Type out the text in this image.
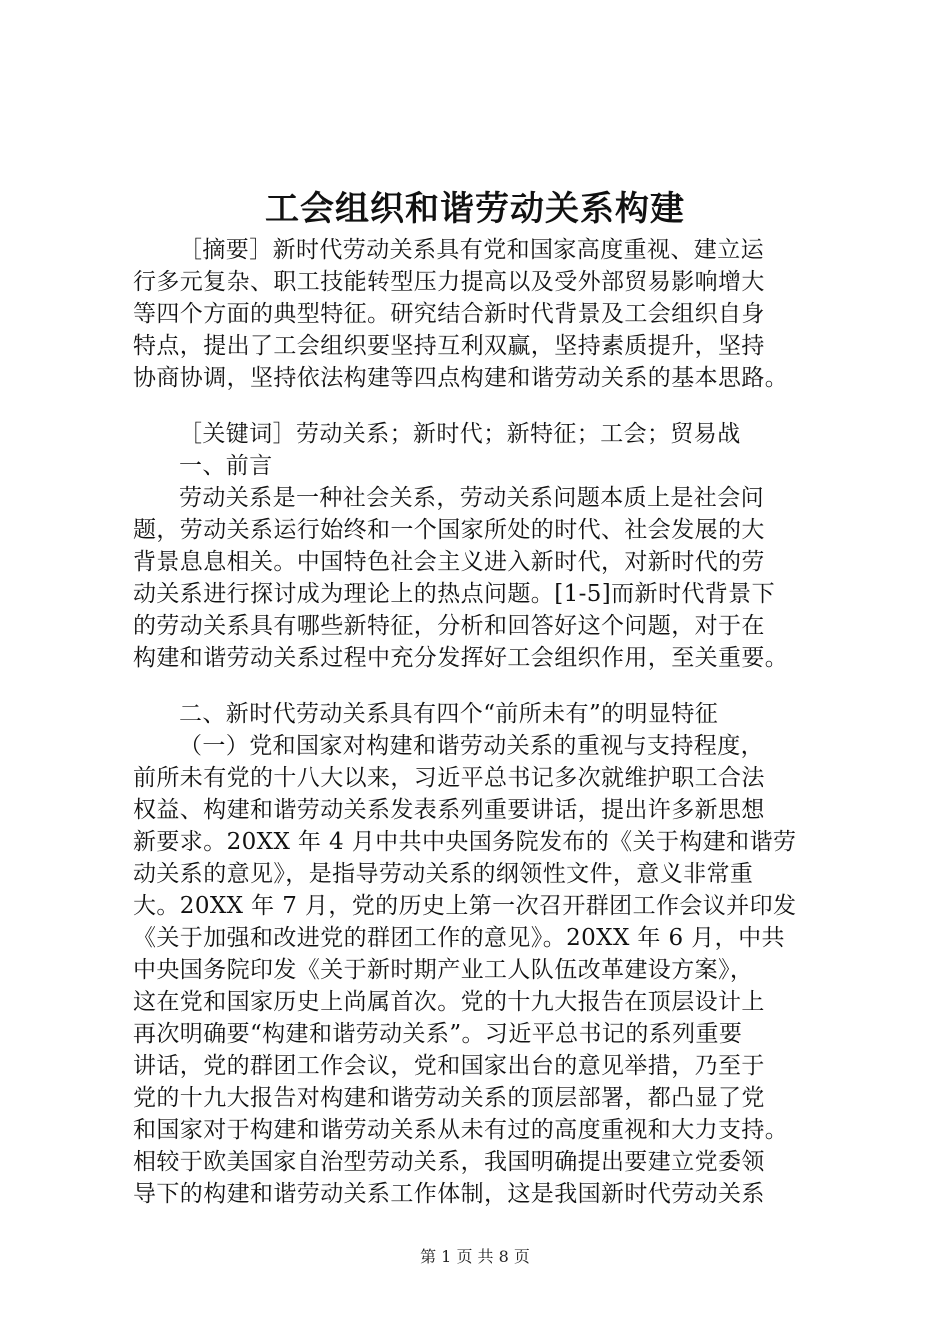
工会组织和谐劳动关系构建
［摘要］新时代劳动关系具有党和国家高度重视、建立运
行多元复杂、职工技能转型压力提高以及受外部贸易影响增大
等四个方面的典型特征。研究结合新时代背景及工会组织自身
特点，提出了工会组织要坚持互利双赢，坚持素质提升，坚持
协商协调，坚持依法构建等四点构建和谐劳动关系的基本思路。
［关键词］劳动关系；新时代；新特征；工会；贸易战
一、前言
劳动关系是一种社会关系，劳动关系问题本质上是社会问
题，劳动关系运行始终和一个国家所处的时代、社会发展的大
背景息息相关。中国特色社会主义进入新时代，对新时代的劳
动关系进行探讨成为理论上的热点问题。[1-5]而新时代背景下
的劳动关系具有哪些新特征，分析和回答好这个问题，对于在
构建和谐劳动关系过程中充分发挥好工会组织作用，至关重要。
二、新时代劳动关系具有四个“前所未有”的明显特征
（一）党和国家对构建和谐劳动关系的重视与支持程度，
前所未有党的十八大以来，习近平总书记多次就维护职工合法
权益、构建和谐劳动关系发表系列重要讲话，提出许多新思想
新要求。20XX 年 4 月中共中央国务院发布的《关于构建和谐劳
动关系的意见》，是指导劳动关系的纲领性文件，意义非常重
大。20XX 年 7 月，党的历史上第一次召开群团工作会议并印发
《关于加强和改进党的群团工作的意见》。20XX 年 6 月，中共
中央国务院印发《关于新时期产业工人队伍改革建设方案》，
这在党和国家历史上尚属首次。党的十九大报告在顶层设计上
再次明确要“构建和谐劳动关系”。习近平总书记的系列重要
讲话，党的群团工作会议，党和国家出台的意见举措，乃至于
党的十九大报告对构建和谐劳动关系的顶层部署，都凸显了党
和国家对于构建和谐劳动关系从未有过的高度重视和大力支持。
相较于欧美国家自治型劳动关系，我国明确提出要建立党委领
导下的构建和谐劳动关系工作体制，这是我国新时代劳动关系
第 1 页 共 8 页
